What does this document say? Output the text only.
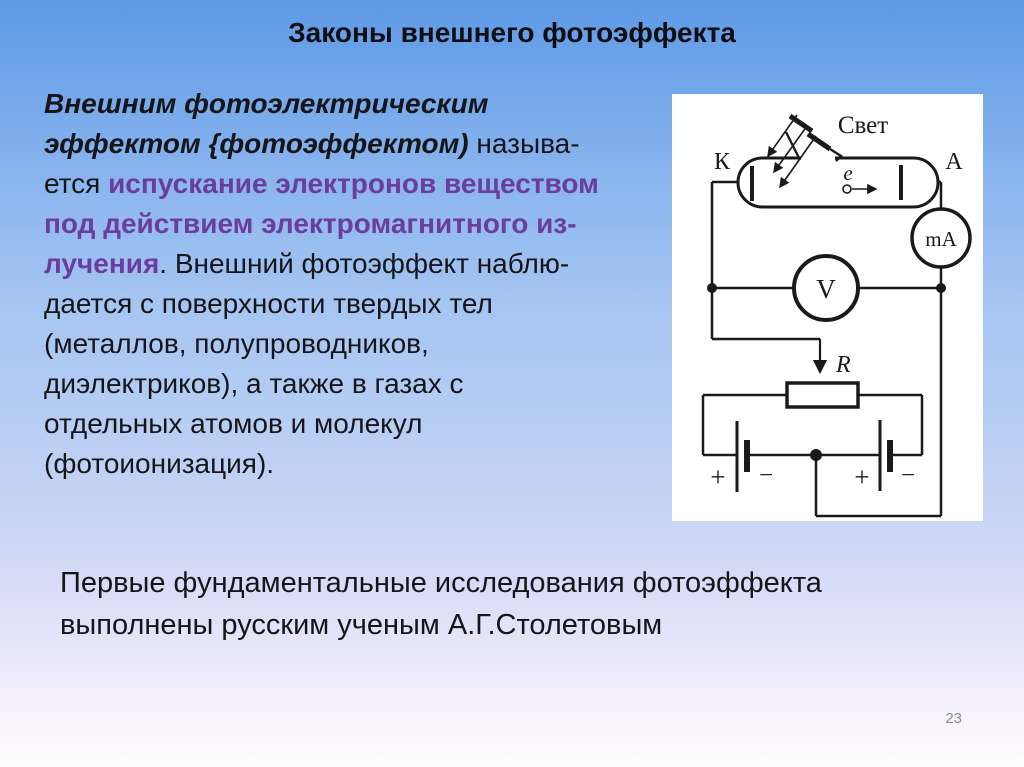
Законы внешнего фотоэффекта
Внешним фотоэлектрическим
эффектом {фотоэффектом) называ-
ется испускание электронов веществом
под действием электромагнитного из-
лучения. Внешний фотоэффект наблю-
дается с поверхности твердых тел
(металлов, полупроводников,
диэлектриков), а также в газах с
отдельных атомов и молекул
(фотоионизация).
mA
V
R
+ −	+ −
Свет
К	А
e
Первые фундаментальные исследования фотоэффекта
выполнены русским ученым А.Г.Столетовым
23
